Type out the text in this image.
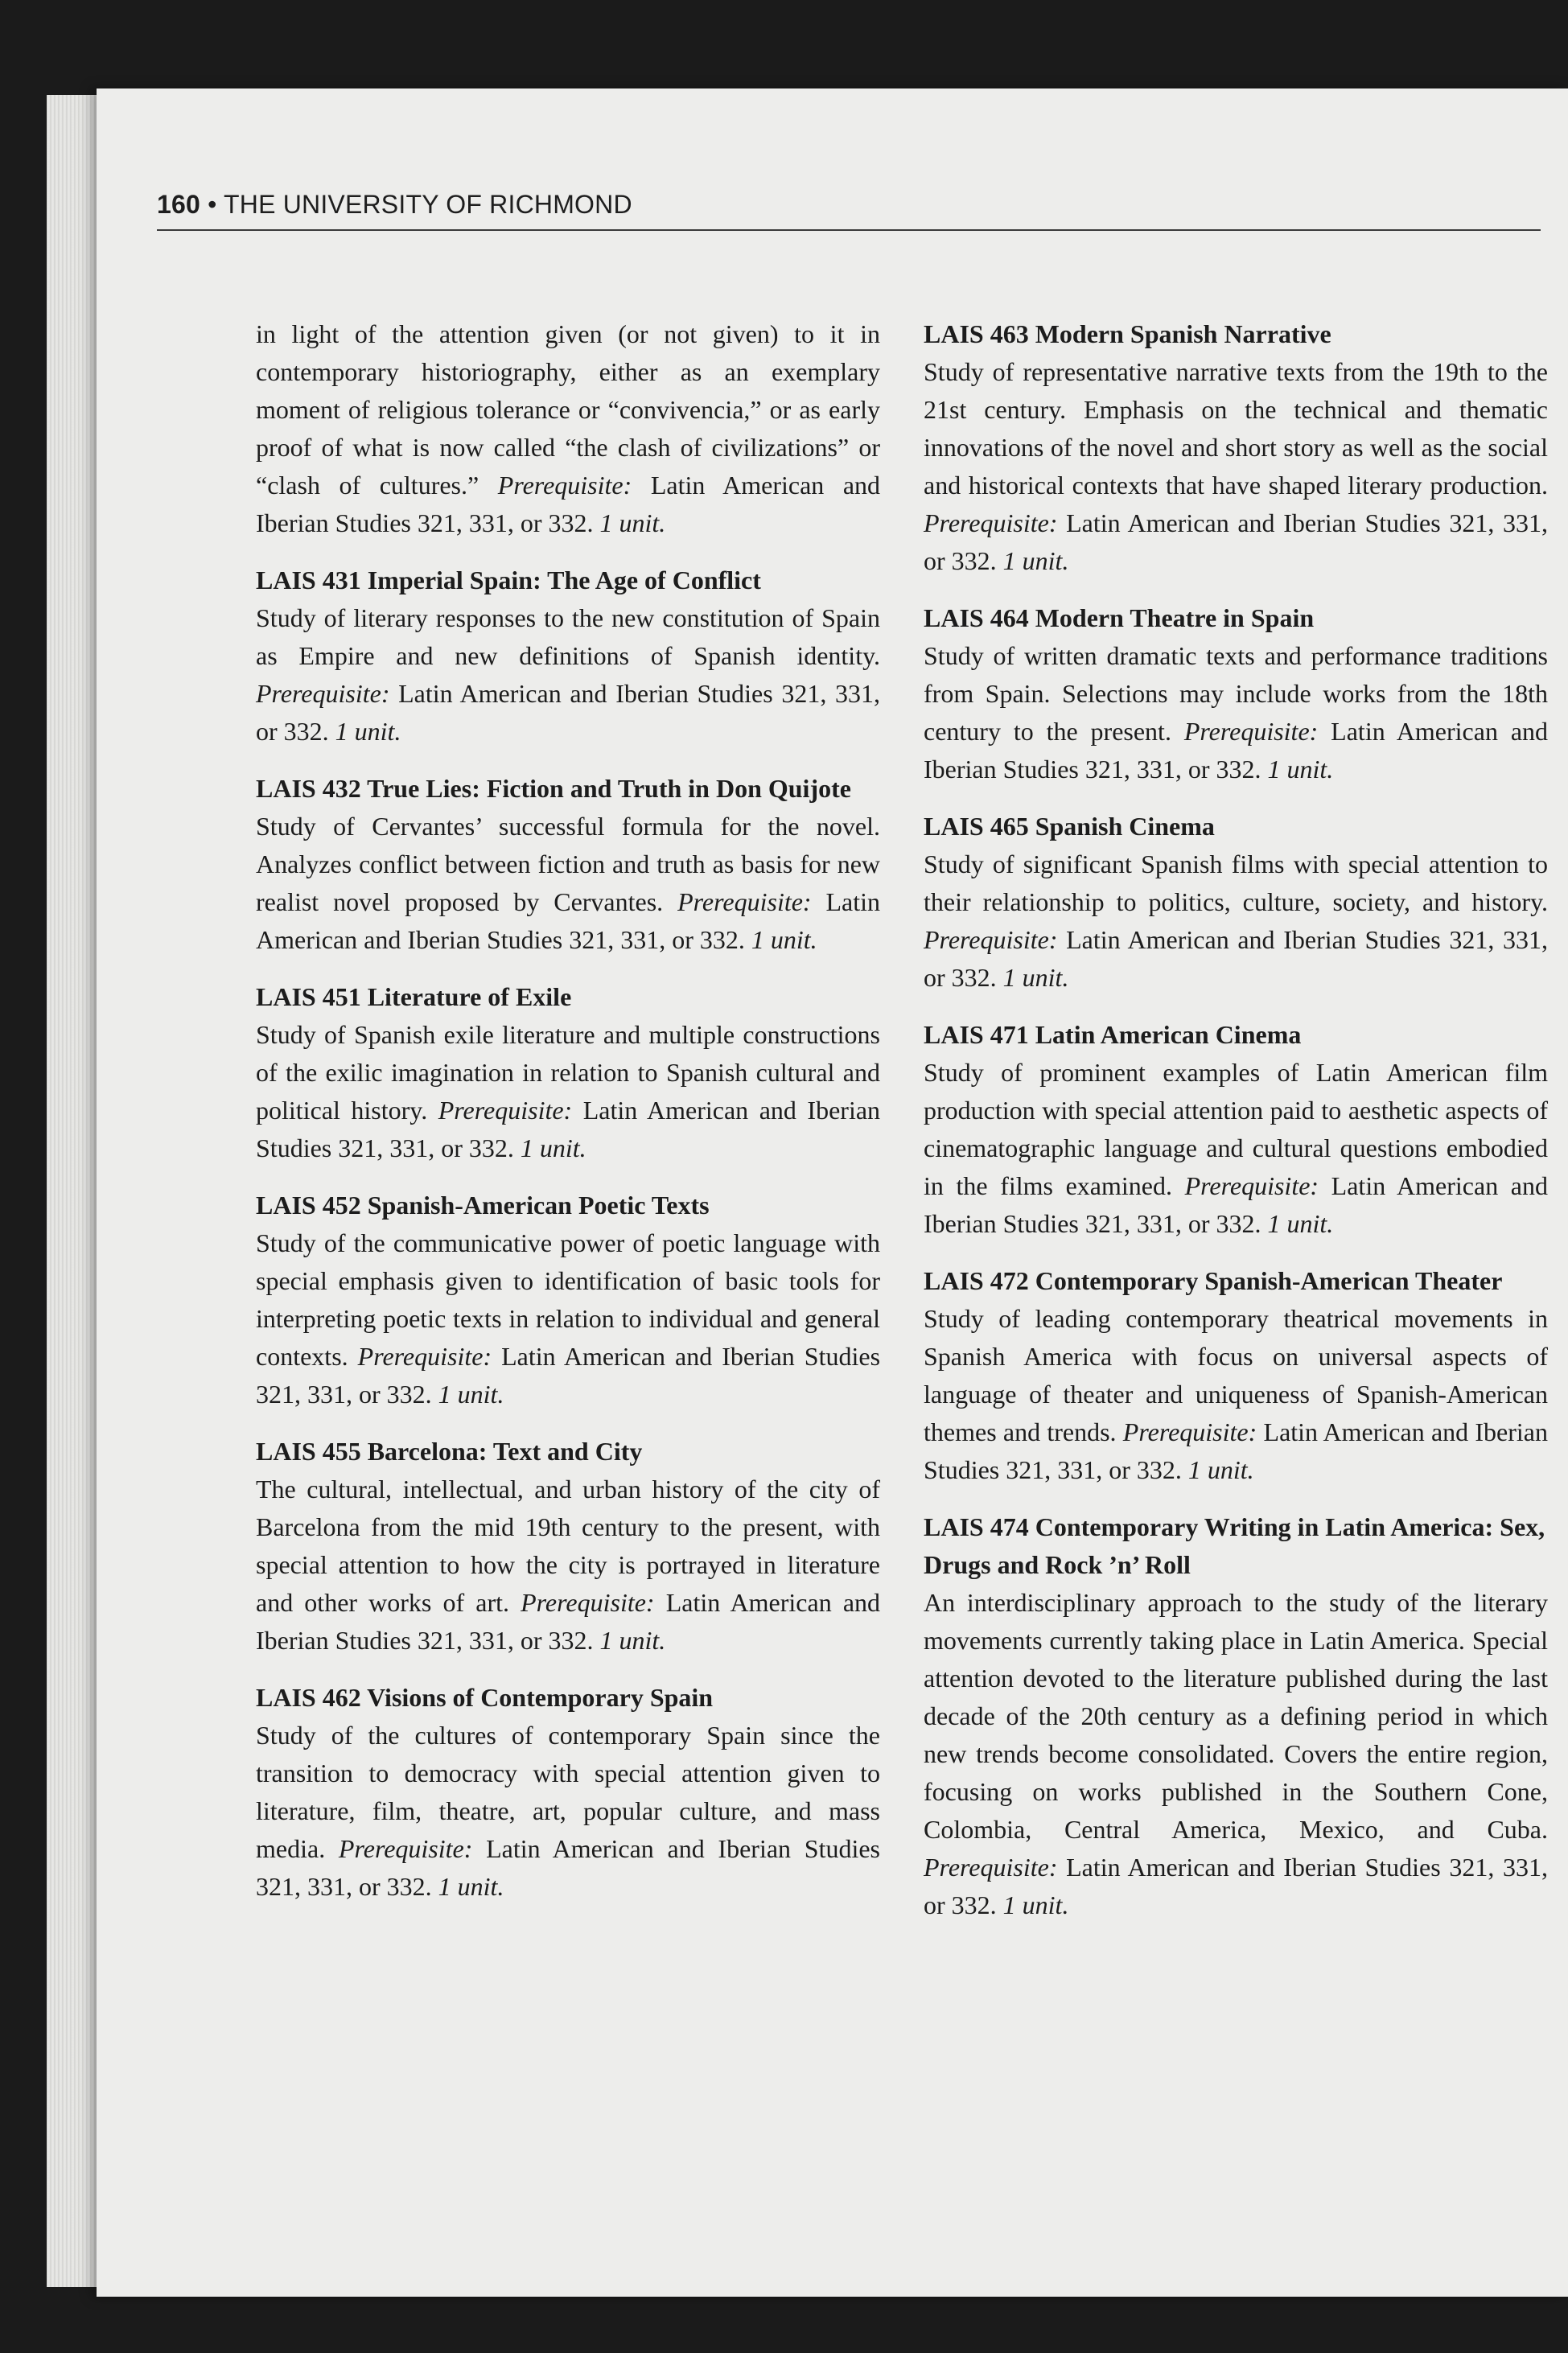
160 • THE UNIVERSITY OF RICHMOND
in light of the attention given (or not given) to it in contemporary historiography, either as an exemplary moment of religious tolerance or “convivencia,” or as early proof of what is now called “the clash of civilizations” or “clash of cultures.” Prerequisite: Latin American and Iberian Studies 321, 331, or 332. 1 unit.
LAIS 431 Imperial Spain: The Age of Conflict
Study of literary responses to the new constitution of Spain as Empire and new definitions of Spanish identity. Prerequisite: Latin American and Iberian Studies 321, 331, or 332. 1 unit.
LAIS 432 True Lies: Fiction and Truth in Don Quijote
Study of Cervantes’ successful formula for the novel. Analyzes conflict between fiction and truth as basis for new realist novel proposed by Cervantes. Prerequisite: Latin American and Iberian Studies 321, 331, or 332. 1 unit.
LAIS 451 Literature of Exile
Study of Spanish exile literature and multiple constructions of the exilic imagination in relation to Spanish cultural and political history. Prerequisite: Latin American and Iberian Studies 321, 331, or 332. 1 unit.
LAIS 452 Spanish-American Poetic Texts
Study of the communicative power of poetic language with special emphasis given to identification of basic tools for interpreting poetic texts in relation to individual and general contexts. Prerequisite: Latin American and Iberian Studies 321, 331, or 332. 1 unit.
LAIS 455 Barcelona: Text and City
The cultural, intellectual, and urban history of the city of Barcelona from the mid 19th century to the present, with special attention to how the city is portrayed in literature and other works of art. Prerequisite: Latin American and Iberian Studies 321, 331, or 332. 1 unit.
LAIS 462 Visions of Contemporary Spain
Study of the cultures of contemporary Spain since the transition to democracy with special attention given to literature, film, theatre, art, popular culture, and mass media. Prerequisite: Latin American and Iberian Studies 321, 331, or 332. 1 unit.
LAIS 463 Modern Spanish Narrative
Study of representative narrative texts from the 19th to the 21st century. Emphasis on the technical and thematic innovations of the novel and short story as well as the social and historical contexts that have shaped literary production. Prerequisite: Latin American and Iberian Studies 321, 331, or 332. 1 unit.
LAIS 464 Modern Theatre in Spain
Study of written dramatic texts and performance traditions from Spain. Selections may include works from the 18th century to the present. Prerequisite: Latin American and Iberian Studies 321, 331, or 332. 1 unit.
LAIS 465 Spanish Cinema
Study of significant Spanish films with special attention to their relationship to politics, culture, society, and history. Prerequisite: Latin American and Iberian Studies 321, 331, or 332. 1 unit.
LAIS 471 Latin American Cinema
Study of prominent examples of Latin American film production with special attention paid to aesthetic aspects of cinematographic language and cultural questions embodied in the films examined. Prerequisite: Latin American and Iberian Studies 321, 331, or 332. 1 unit.
LAIS 472 Contemporary Spanish-American Theater
Study of leading contemporary theatrical movements in Spanish America with focus on universal aspects of language of theater and uniqueness of Spanish-American themes and trends. Prerequisite: Latin American and Iberian Studies 321, 331, or 332. 1 unit.
LAIS 474 Contemporary Writing in Latin America: Sex, Drugs and Rock ’n’ Roll
An interdisciplinary approach to the study of the literary movements currently taking place in Latin America. Special attention devoted to the literature published during the last decade of the 20th century as a defining period in which new trends become consolidated. Covers the entire region, focusing on works published in the Southern Cone, Colombia, Central America, Mexico, and Cuba. Prerequisite: Latin American and Iberian Studies 321, 331, or 332. 1 unit.
